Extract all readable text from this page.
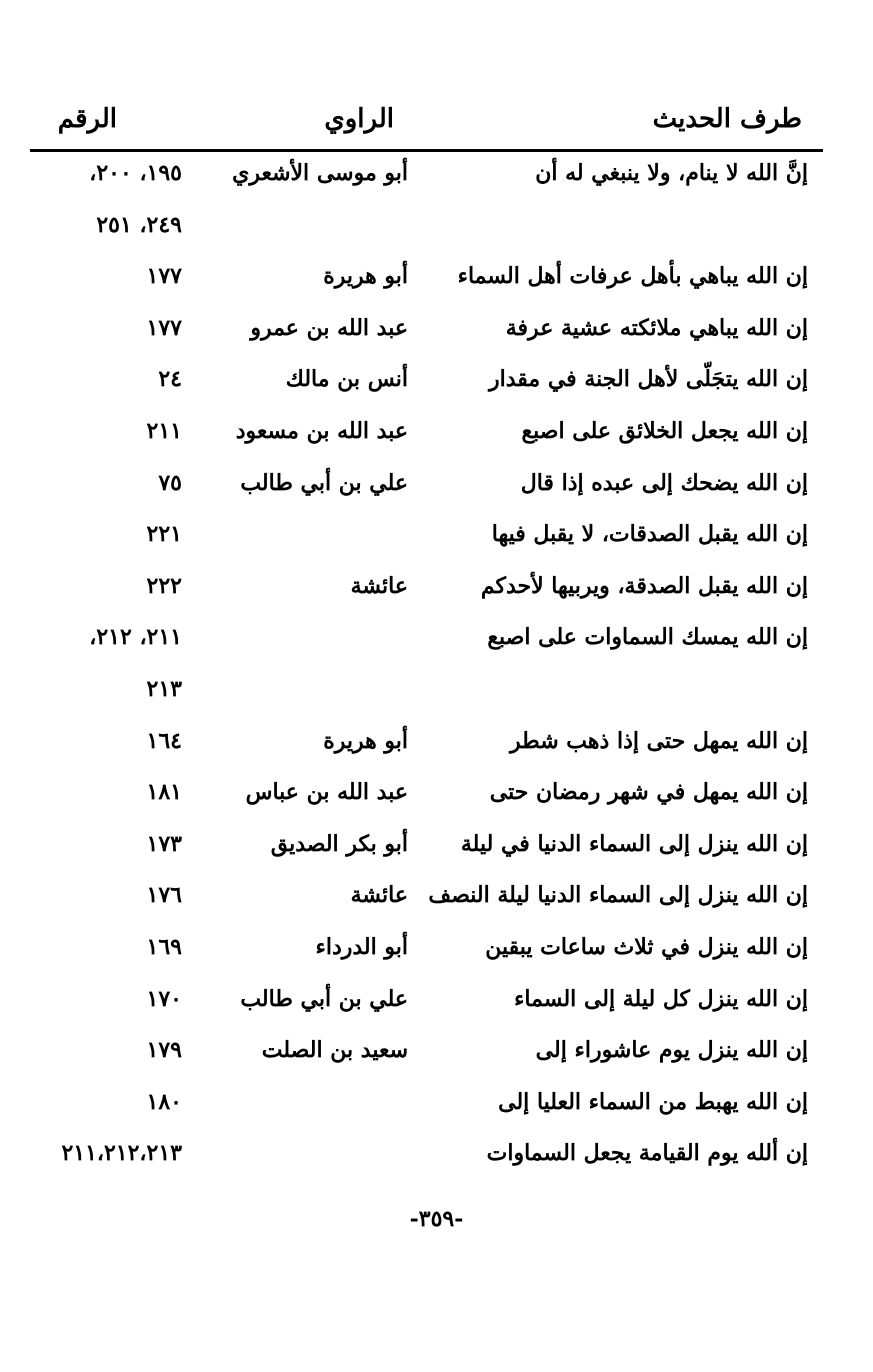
طرف الحديث
الراوي
الرقم
إنَّ الله لا ينام، ولا ينبغي له أن
أبو موسى الأشعري
١٩٥، ٢٠٠،
٢٤٩، ٢٥١
إن الله يباهي بأهل عرفات أهل السماء
أبو هريرة
١٧٧
إن الله يباهي ملائكته عشية عرفة
عبد الله بن عمرو
١٧٧
إن الله يتجَلّى لأهل الجنة في مقدار
أنس بن مالك
٢٤
إن الله يجعل الخلائق على اصبع
عبد الله بن مسعود
٢١١
إن الله يضحك إلى عبده إذا قال
علي بن أبي طالب
٧٥
إن الله يقبل الصدقات، لا يقبل فيها
٢٢١
إن الله يقبل الصدقة، ويربيها لأحدكم
عائشة
٢٢٢
إن الله يمسك السماوات على اصبع
٢١١، ٢١٢،
٢١٣
إن الله يمهل حتى إذا ذهب شطر
أبو هريرة
١٦٤
إن الله يمهل في شهر رمضان حتى
عبد الله بن عباس
١٨١
إن الله ينزل إلى السماء الدنيا في ليلة
أبو بكر الصديق
١٧٣
إن الله ينزل إلى السماء الدنيا ليلة النصف
عائشة
١٧٦
إن الله ينزل في ثلاث ساعات يبقين
أبو الدرداء
١٦٩
إن الله ينزل كل ليلة إلى السماء
علي بن أبي طالب
١٧٠
إن الله ينزل يوم عاشوراء إلى
سعيد بن الصلت
١٧٩
إن الله يهبط من السماء العليا إلى
١٨٠
إن ألله يوم القيامة يجعل السماوات
٢١١،٢١٢،٢١٣
-٣٥٩-
